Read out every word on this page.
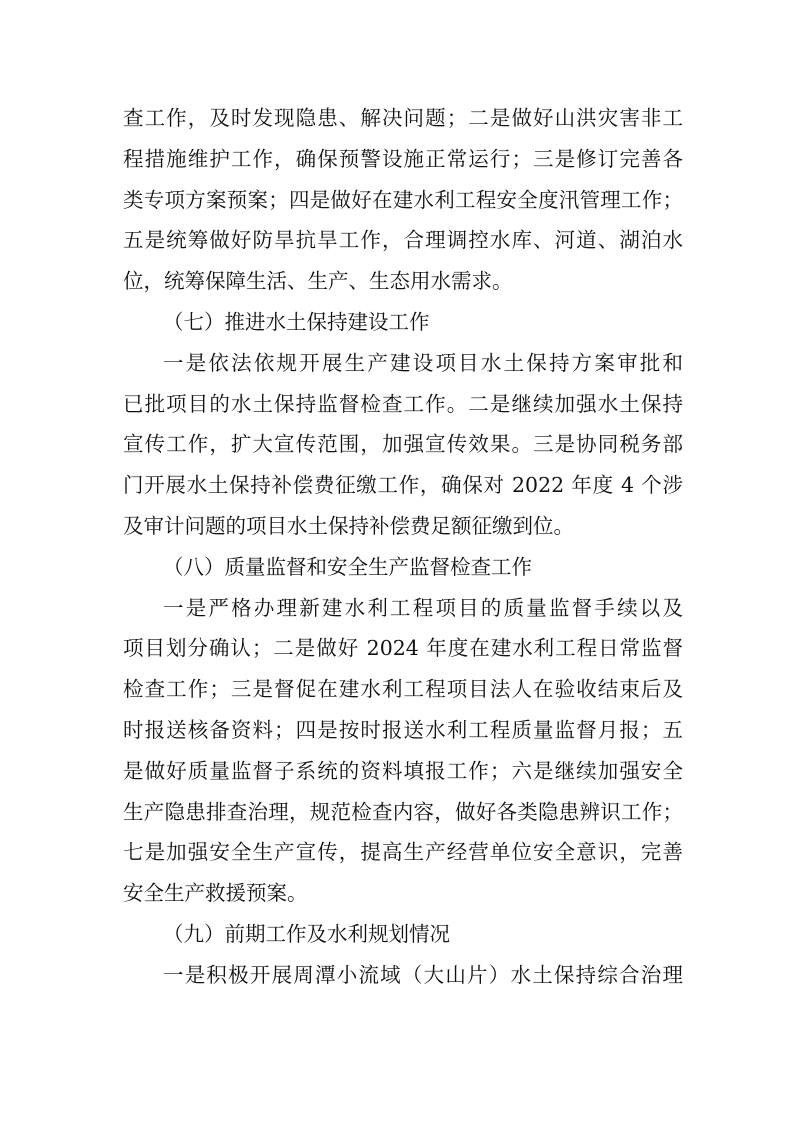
查工作，及时发现隐患、解决问题；二是做好山洪灾害非工
程措施维护工作，确保预警设施正常运行；三是修订完善各
类专项方案预案；四是做好在建水利工程安全度汛管理工作；
五是统筹做好防旱抗旱工作，合理调控水库、河道、湖泊水
位，统筹保障生活、生产、生态用水需求。
（七）推进水土保持建设工作
一是依法依规开展生产建设项目水土保持方案审批和
已批项目的水土保持监督检查工作。二是继续加强水土保持
宣传工作，扩大宣传范围，加强宣传效果。三是协同税务部
门开展水土保持补偿费征缴工作，确保对 2022 年度 4 个涉
及审计问题的项目水土保持补偿费足额征缴到位。
（八）质量监督和安全生产监督检查工作
一是严格办理新建水利工程项目的质量监督手续以及
项目划分确认；二是做好 2024 年度在建水利工程日常监督
检查工作；三是督促在建水利工程项目法人在验收结束后及
时报送核备资料；四是按时报送水利工程质量监督月报；五
是做好质量监督子系统的资料填报工作；六是继续加强安全
生产隐患排查治理，规范检查内容，做好各类隐患辨识工作；
七是加强安全生产宣传，提高生产经营单位安全意识，完善
安全生产救援预案。
（九）前期工作及水利规划情况
一是积极开展周潭小流域（大山片）水土保持综合治理
